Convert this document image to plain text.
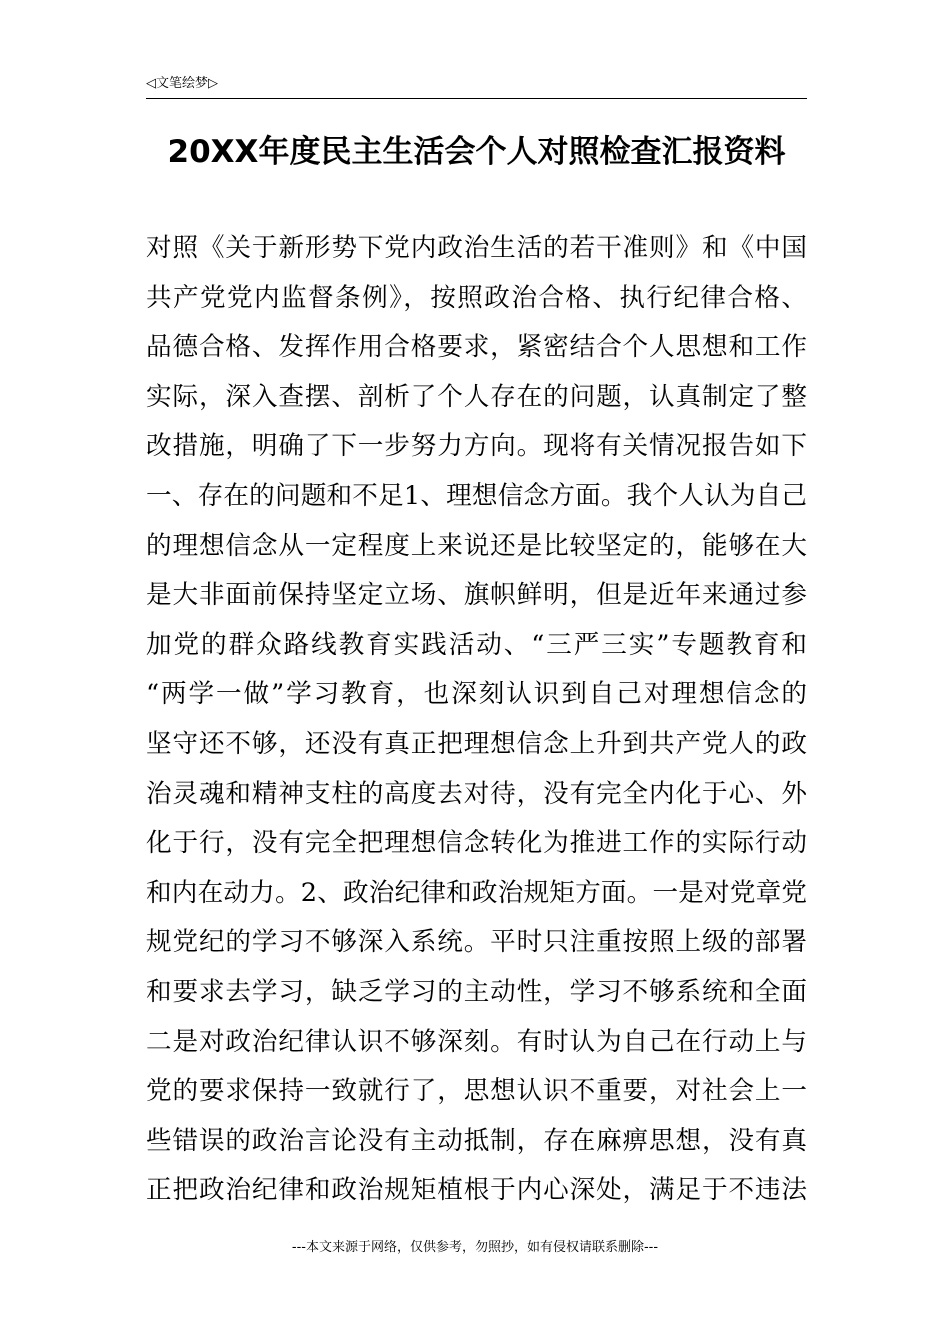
◁文笔绘梦▷
20XX年度民主生活会个人对照检查汇报资料
对照《关于新形势下党内政治生活的若干准则》和《中国
共产党党内监督条例》，按照政治合格、执行纪律合格、
品德合格、发挥作用合格要求，紧密结合个人思想和工作
实际，深入查摆、剖析了个人存在的问题，认真制定了整
改措施，明确了下一步努力方向。现将有关情况报告如下
一、存在的问题和不足1、理想信念方面。我个人认为自己
的理想信念从一定程度上来说还是比较坚定的，能够在大
是大非面前保持坚定立场、旗帜鲜明，但是近年来通过参
加党的群众路线教育实践活动、“三严三实”专题教育和
“两学一做”学习教育，也深刻认识到自己对理想信念的
坚守还不够，还没有真正把理想信念上升到共产党人的政
治灵魂和精神支柱的高度去对待，没有完全内化于心、外
化于行，没有完全把理想信念转化为推进工作的实际行动
和内在动力。2、政治纪律和政治规矩方面。一是对党章党
规党纪的学习不够深入系统。平时只注重按照上级的部署
和要求去学习，缺乏学习的主动性，学习不够系统和全面
二是对政治纪律认识不够深刻。有时认为自己在行动上与
党的要求保持一致就行了，思想认识不重要，对社会上一
些错误的政治言论没有主动抵制，存在麻痹思想，没有真
正把政治纪律和政治规矩植根于内心深处，满足于不违法
---本文来源于网络，仅供参考，勿照抄，如有侵权请联系删除---
